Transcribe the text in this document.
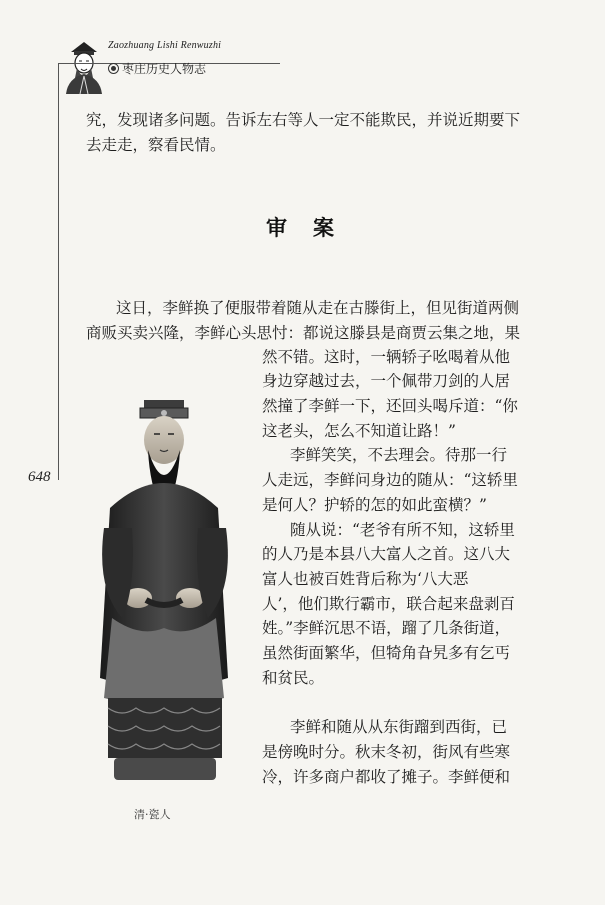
Zaozhuang Lishi Renwuzhi
枣庄历史人物志
648
究，发现诸多问题。告诉左右等人一定不能欺民，并说近期要下
去走走，察看民情。
审案
这日，李鲜换了便服带着随从走在古滕街上，但见街道两侧
商贩买卖兴隆，李鲜心头思忖：都说这滕县是商贾云集之地，果
然不错。这时，一辆轿子吆喝着从他
身边穿越过去，一个佩带刀剑的人居
然撞了李鲜一下，还回头喝斥道：“你
这老头，怎么不知道让路！”
李鲜笑笑，不去理会。待那一行
人走远，李鲜问身边的随从：“这轿里
是何人？护轿的怎的如此蛮横？”
随从说：“老爷有所不知，这轿里
的人乃是本县八大富人之首。这八大
富人也被百姓背后称为‘八大恶
人’，他们欺行霸市，联合起来盘剥百
姓。”李鲜沉思不语，蹓了几条街道，
虽然街面繁华，但犄角旮旯多有乞丐
和贫民。
李鲜和随从从东街蹓到西街，已
是傍晚时分。秋末冬初，街风有些寒
冷，许多商户都收了摊子。李鲜便和
清·瓷人
